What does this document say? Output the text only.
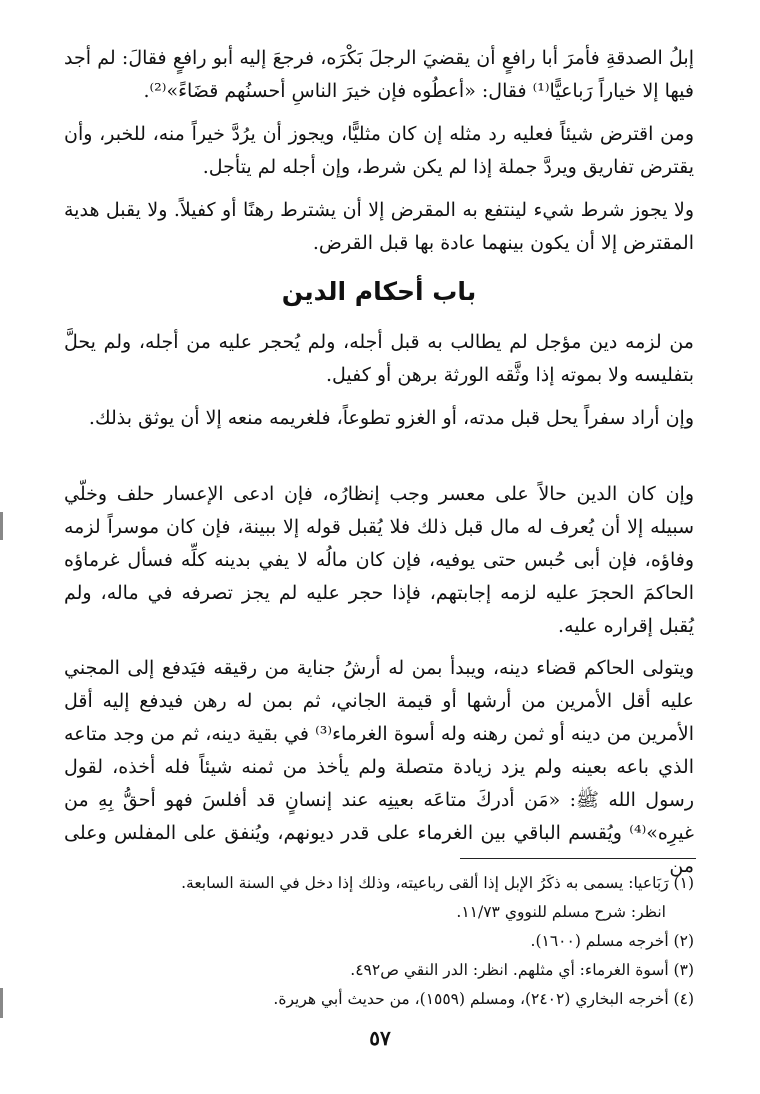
إبلُ الصدقةِ فأمرَ أبا رافعٍ أن يقضيَ الرجلَ بَكْرَه، فرجعَ إليه أبو رافعٍ فقالَ: لم أجد فيها إلا خياراً رَباعيًّا⁽¹⁾ فقال: «أعطُوه فإن خيرَ الناسِ أحسنُهم قضَاءً»⁽²⁾.

ومن اقترض شيئاً فعليه رد مثله إن كان مثليًّا، ويجوز أن يرُدَّ خيراً منه، للخبر، وأن يقترض تفاريق ويردَّ جملة إذا لم يكن شرط، وإن أجله لم يتأجل.

ولا يجوز شرط شيء لينتفع به المقرض إلا أن يشترط رهنًا أو كفيلاً. ولا يقبل هدية المقترض إلا أن يكون بينهما عادة بها قبل القرض.

باب أحكام الدين

من لزمه دين مؤجل لم يطالب به قبل أجله، ولم يُحجر عليه من أجله، ولم يحلَّ بتفليسه ولا بموته إذا وثَّقه الورثة برهن أو كفيل.

وإن أراد سفراً يحل قبل مدته، أو الغزو تطوعاً، فلغريمه منعه إلا أن يوثق بذلك.

وإن كان الدين حالاً على معسر وجب إنظارُه، فإن ادعى الإعسار حلف وخلّي سبيله إلا أن يُعرف له مال قبل ذلك فلا يُقبل قوله إلا ببينة، فإن كان موسراً لزمه وفاؤه، فإن أبى حُبس حتى يوفيه، فإن كان مالُه لا يفي بدينه كلِّه فسأل غرماؤه الحاكمَ الحجرَ عليه لزمه إجابتهم، فإذا حجر عليه لم يجز تصرفه في ماله، ولم يُقبل إقراره عليه.

ويتولى الحاكم قضاء دينه، ويبدأ بمن له أرشُ جناية من رقيقه فيَدفع إلى المجني عليه أقل الأمرين من أرشها أو قيمة الجاني، ثم بمن له رهن فيدفع إليه أقل الأمرين من دينه أو ثمن رهنه وله أسوة الغرماء⁽³⁾ في بقية دينه، ثم من وجد متاعه الذي باعه بعينه ولم يزد زيادة متصلة ولم يأخذ من ثمنه شيئاً فله أخذه، لقول رسول الله ﷺ: «مَن أدركَ متاعَه بعينِه عند إنسانٍ قد أفلسَ فهو أحقُّ بِهِ من غيرِه»⁽⁴⁾ ويُقسم الباقي بين الغرماء على قدر ديونهم، ويُنفق على المفلس وعلى من

(١) رَبَاعيا: يسمى به ذكَرُ الإبل إذا ألقى رباعيته، وذلك إذا دخل في السنة السابعة.

انظر: شرح مسلم للنووي ١١/٧٣.

(٢) أخرجه مسلم (١٦٠٠).

(٣) أسوة الغرماء: أي مثلهم. انظر: الدر النقي ص٤٩٢.

(٤) أخرجه البخاري (٢٤٠٢)، ومسلم (١٥٥٩)، من حديث أبي هريرة.

٥٧
